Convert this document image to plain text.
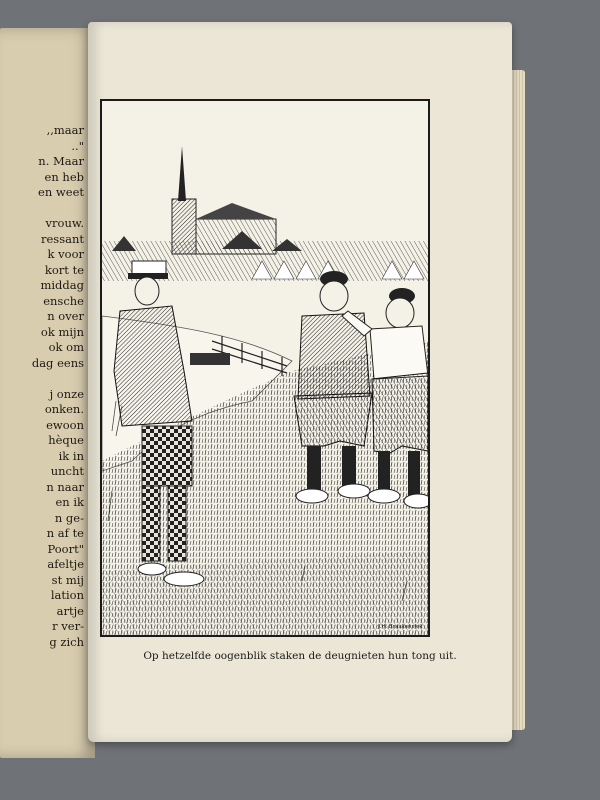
,,maar
.."
n. Maar
en heb
en weet
vrouw.
ressant
k voor
kort te
middag
ensche
n over
ok mijn
ok om
dag eens
j onze
onken.
ewoon
hèque
ik in
uncht
n naar
en ik
n ge-
n af te
Poort"
afeltje
st mij
lation
artje
r ver-
g zich
J.H. Braakensiek
Op hetzelfde oogenblik staken de deugnieten hun tong uit.
